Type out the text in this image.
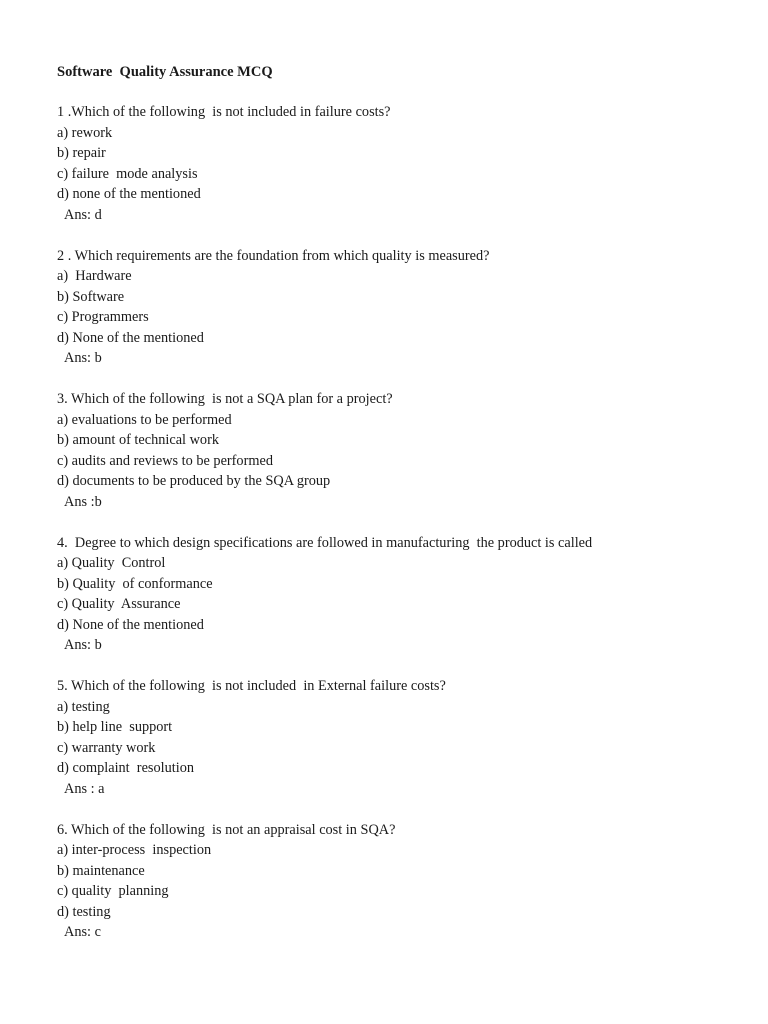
Software  Quality Assurance MCQ
1 .Which of the following  is not included in failure costs?
a) rework
b) repair
c) failure  mode analysis
d) none of the mentioned
Ans: d
2 . Which requirements are the foundation from which quality is measured?
a)  Hardware
b) Software
c) Programmers
d) None of the mentioned
Ans: b
3. Which of the following  is not a SQA plan for a project?
a) evaluations to be performed
b) amount of technical work
c) audits and reviews to be performed
d) documents to be produced by the SQA group
Ans :b
4.  Degree to which design specifications are followed in manufacturing  the product is called
a) Quality  Control
b) Quality  of conformance
c) Quality  Assurance
d) None of the mentioned
Ans: b
5. Which of the following  is not included  in External failure costs?
a) testing
b) help line  support
c) warranty work
d) complaint  resolution
Ans : a
6. Which of the following  is not an appraisal cost in SQA?
a) inter-process  inspection
b) maintenance
c) quality  planning
d) testing
Ans: c
